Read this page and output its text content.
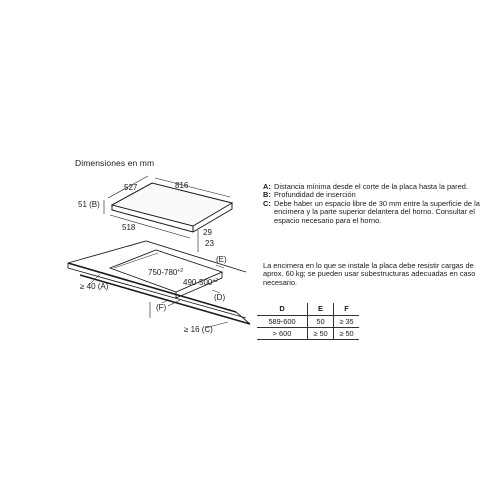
Dimensiones en mm
527	816
51 (B)
518
29
23
$750-780^{+2}$
$490-500^{+2}$
(E)
(F)
(D)
≥ 40 (A)
≥ 16 (C)
A: Distancia mínima desde el corte de la placa hasta la pared.
B: Profundidad de inserción
C: Debe haber un espacio libre de 30 mm entre la superficie de la encimera y la parte superior delantera del horno. Consultar el espacio necesario para el horno.
La encimera en lo que se instale la placa debe resistir cargas de aprox. 60 kg; se pueden usar subestructuras adecuadas en caso necesario.
D	E	F
589-600	50	≥ 35
> 600	≥ 50	≥ 50
